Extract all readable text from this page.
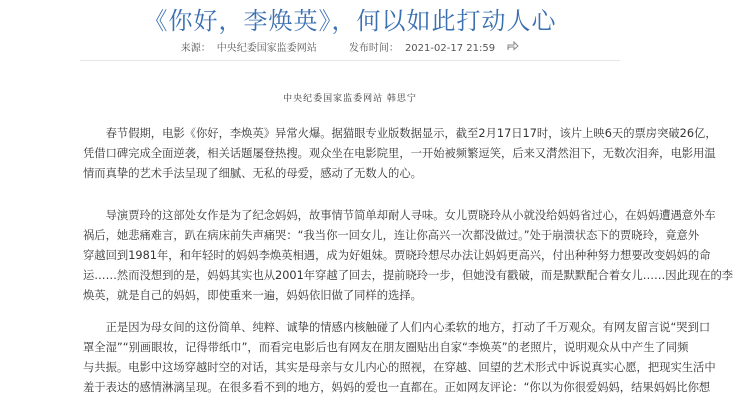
《你好，李焕英》，何以如此打动人心
来源： 中央纪委国家监委网站	发布时间： 2021-02-17 21:59
中央纪委国家监委网站 韩思宁
　　春节假期，电影《你好，李焕英》异常火爆。据猫眼专业版数据显示，截至2月17日17时，该片上映6天的票房突破26亿，
凭借口碑完成全面逆袭，相关话题屡登热搜。观众坐在电影院里，一开始被频繁逗笑，后来又潸然泪下，无数次泪奔，电影用温
情而真挚的艺术手法呈现了细腻、无私的母爱，感动了无数人的心。
　　导演贾玲的这部处女作是为了纪念妈妈，故事情节简单却耐人寻味。女儿贾晓玲从小就没给妈妈省过心，在妈妈遭遇意外车
祸后，她悲痛难言，趴在病床前失声痛哭：“我当你一回女儿，连让你高兴一次都没做过。”处于崩溃状态下的贾晓玲，竟意外
穿越回到1981年，和年轻时的妈妈李焕英相遇，成为好姐妹。贾晓玲想尽办法让妈妈更高兴，付出种种努力想要改变妈妈的命
运……然而没想到的是，妈妈其实也从2001年穿越了回去，提前晓玲一步，但她没有戳破，而是默默配合着女儿……因此现在的李
焕英，就是自己的妈妈，即使重来一遍，妈妈依旧做了同样的选择。
　　正是因为母女间的这份简单、纯粹、诚挚的情感内核触碰了人们内心柔软的地方，打动了千万观众。有网友留言说“哭到口
罩全湿”“别画眼妆，记得带纸巾”，而看完电影后也有网友在朋友圈贴出自家“李焕英”的老照片，说明观众从中产生了同频
与共振。电影中这场穿越时空的对话，其实是母亲与女儿内心的照视，在穿越、回望的艺术形式中诉说真实心愿，把现实生活中
羞于表达的感情淋漓呈现。在很多看不到的地方，妈妈的爱也一直都在。正如网友评论：“你以为你很爱妈妈，结果妈妈比你想
